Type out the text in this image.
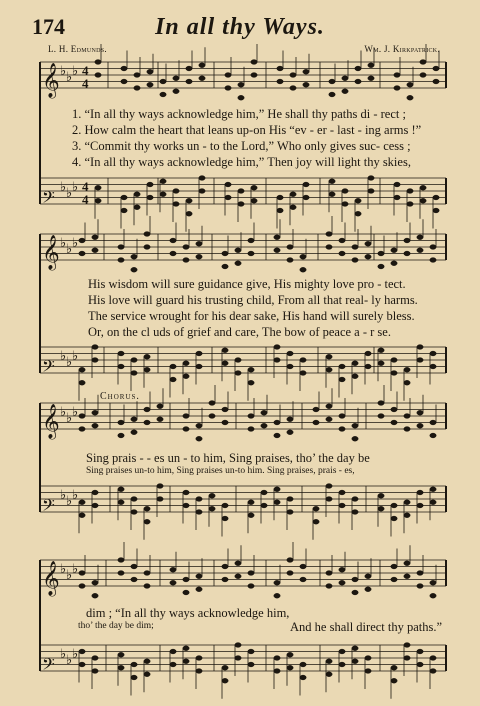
174	In all thy Ways.
L. H. Edmunds.	Wm. J. Kirkpatrick.
𝄞 ♭ ♭ ♭ 4
4
𝄢
♭ ♭ ♭ 4
4
𝄞 ♭ ♭ ♭
𝄢
♭ ♭ ♭
𝄞 ♭ ♭ ♭
𝄢
♭ ♭ ♭
𝄞 ♭ ♭ ♭
𝄢
♭ ♭ ♭
1. “In all thy ways acknowledge him,” He shall thy paths di - rect ;
2. How calm the heart that leans up-on His “ev - er - last - ing arms !”
3. “Commit thy works un - to the Lord,” Who only gives suc- cess ;
4. “In all thy ways acknowledge him,” Then joy will light thy skies,
His wisdom will sure guidance give, His mighty love pro - tect.
His love will guard his trusting child, From all that real- ly harms.
The service wrought for his dear sake, His hand will surely bless.
Or, on the cl uds of grief and care, The bow of peace a - r se.
Chorus.
Sing prais - - es un - to him, Sing praises, tho’ the day be
Sing praises un-to him, Sing praises un-to him. Sing praises, prais - es,
dim ; “In all thy ways acknowledge him,
And he shall direct thy paths.”
tho’ the day be dim;
